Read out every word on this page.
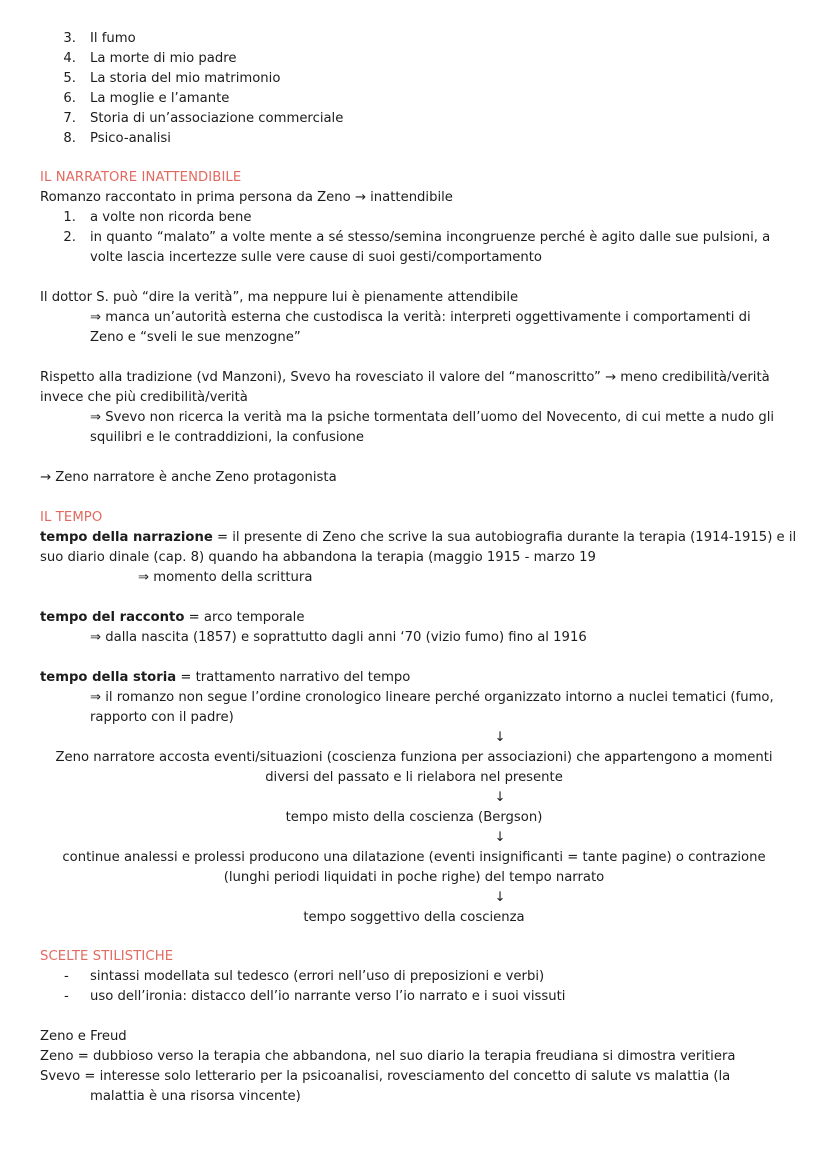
3. Il fumo
4. La morte di mio padre
5. La storia del mio matrimonio
6. La moglie e l’amante
7. Storia di un’associazione commerciale
8. Psico-analisi
IL NARRATORE INATTENDIBILE
Romanzo raccontato in prima persona da Zeno → inattendibile
1. a volte non ricorda bene
2. in quanto “malato” a volte mente a sé stesso/semina incongruenze perché è agito dalle sue pulsioni, a
volte lascia incertezze sulle vere cause di suoi gesti/comportamento
Il dottor S. può “dire la verità”, ma neppure lui è pienamente attendibile
⇒ manca un’autorità esterna che custodisca la verità: interpreti oggettivamente i comportamenti di
Zeno e “sveli le sue menzogne”
Rispetto alla tradizione (vd Manzoni), Svevo ha rovesciato il valore del “manoscritto” → meno credibilità/verità
invece che più credibilità/verità
⇒ Svevo non ricerca la verità ma la psiche tormentata dell’uomo del Novecento, di cui mette a nudo gli
squilibri e le contraddizioni, la confusione
→ Zeno narratore è anche Zeno protagonista
IL TEMPO
tempo della narrazione = il presente di Zeno che scrive la sua autobiografia durante la terapia (1914-1915) e il
suo diario dinale (cap. 8) quando ha abbandona la terapia (maggio 1915 - marzo 19
⇒ momento della scrittura
tempo del racconto = arco temporale
⇒ dalla nascita (1857) e soprattutto dagli anni ‘70 (vizio fumo) fino al 1916
tempo della storia = trattamento narrativo del tempo
⇒ il romanzo non segue l’ordine cronologico lineare perché organizzato intorno a nuclei tematici (fumo,
rapporto con il padre)
↓
Zeno narratore accosta eventi/situazioni (coscienza funziona per associazioni) che appartengono a momenti
diversi del passato e li rielabora nel presente
↓
tempo misto della coscienza (Bergson)
↓
continue analessi e prolessi producono una dilatazione (eventi insignificanti = tante pagine) o contrazione
(lunghi periodi liquidati in poche righe) del tempo narrato
↓
tempo soggettivo della coscienza
SCELTE STILISTICHE
- sintassi modellata sul tedesco (errori nell’uso di preposizioni e verbi)
- uso dell’ironia: distacco dell’io narrante verso l’io narrato e i suoi vissuti
Zeno e Freud
Zeno = dubbioso verso la terapia che abbandona, nel suo diario la terapia freudiana si dimostra veritiera
Svevo = interesse solo letterario per la psicoanalisi, rovesciamento del concetto di salute vs malattia (la
malattia è una risorsa vincente)
